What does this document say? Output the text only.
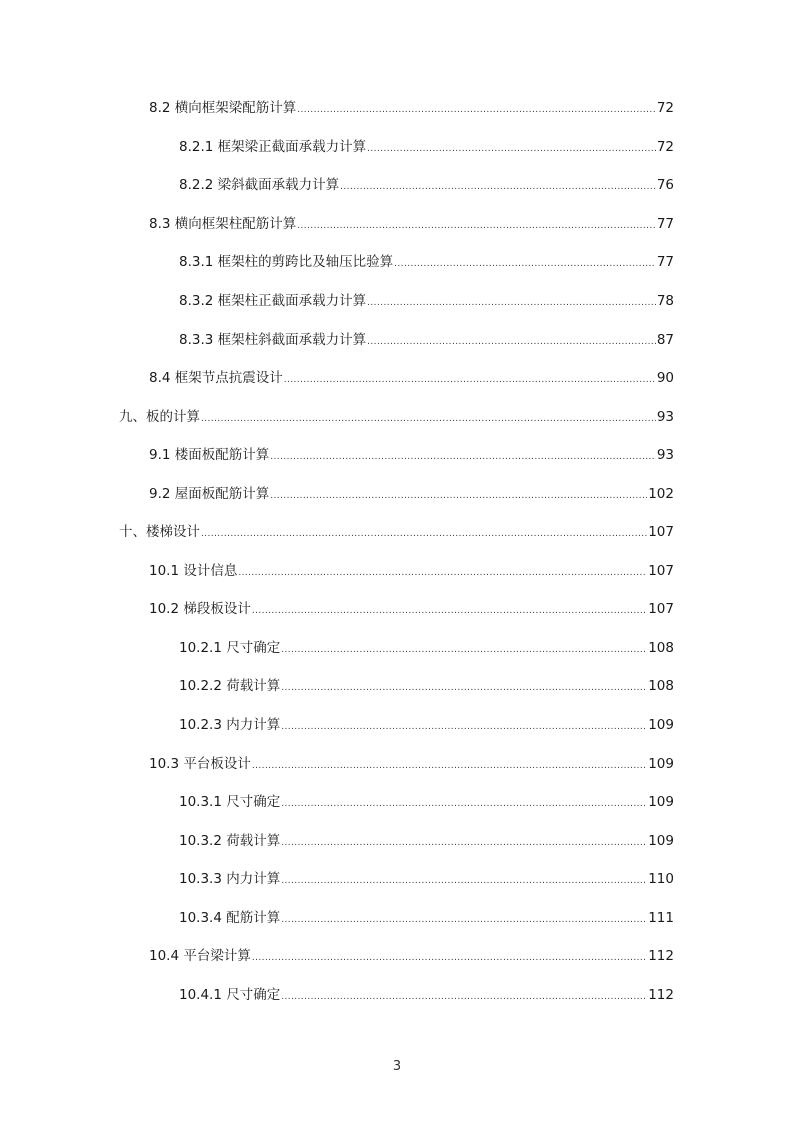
8.2 横向框架梁配筋计算 .....	72
8.2.1 框架梁正截面承载力计算 .....	72
8.2.2 梁斜截面承载力计算 .....	76
8.3 横向框架柱配筋计算 .....	77
8.3.1 框架柱的剪跨比及轴压比验算 .....	77
8.3.2 框架柱正截面承载力计算 .....	78
8.3.3 框架柱斜截面承载力计算 .....	87
8.4 框架节点抗震设计 .....	90
九、板的计算 .....	93
9.1 楼面板配筋计算 .....	93
9.2 屋面板配筋计算 .....	102
十、楼梯设计 .....	107
10.1 设计信息 .....	107
10.2 梯段板设计 .....	107
10.2.1 尺寸确定 .....	108
10.2.2 荷载计算 .....	108
10.2.3 内力计算 .....	109
10.3 平台板设计 .....	109
10.3.1 尺寸确定 .....	109
10.3.2 荷载计算 .....	109
10.3.3 内力计算 .....	110
10.3.4 配筋计算 .....	111
10.4 平台梁计算 .....	112
10.4.1 尺寸确定 .....	112
3
